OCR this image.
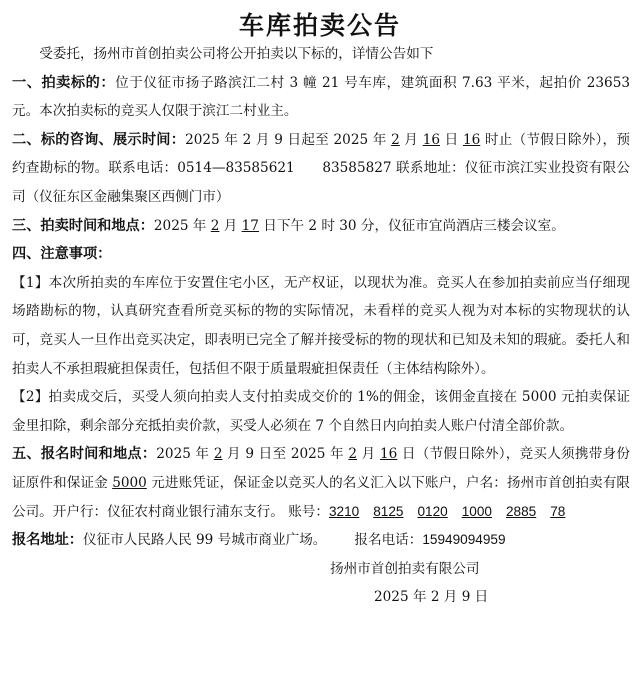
车库拍卖公告

受委托，扬州市首创拍卖公司将公开拍卖以下标的，详情公告如下

一、拍卖标的：位于仪征市扬子路滨江二村 3 幢 21 号车库，建筑面积 7.63 平米，起拍价 23653 元。本次拍卖标的竞买人仅限于滨江二村业主。

二、标的咨询、展示时间：2025 年 2 月 9 日起至 2025 年 2 月 16 日 16 时止（节假日除外），预约查勘标的物。联系电话：0514—83585621　　83585827 联系地址：仪征市滨江实业投资有限公司（仪征东区金融集聚区西侧门市）

三、拍卖时间和地点：2025 年 2 月 17 日下午 2 时 30 分，仪征市宜尚酒店三楼会议室。

四、注意事项：

【1】本次所拍卖的车库位于安置住宅小区，无产权证，以现状为准。竞买人在参加拍卖前应当仔细现场踏勘标的物，认真研究查看所竞买标的物的实际情况，未看样的竞买人视为对本标的实物现状的认可，竞买人一旦作出竞买决定，即表明已完全了解并接受标的物的现状和已知及未知的瑕疵。委托人和拍卖人不承担瑕疵担保责任，包括但不限于质量瑕疵担保责任（主体结构除外）。

【2】拍卖成交后，买受人须向拍卖人支付拍卖成交价的 1%的佣金，该佣金直接在 5000 元拍卖保证金里扣除，剩余部分充抵拍卖价款，买受人必须在 7 个自然日内向拍卖人账户付清全部价款。

五、报名时间和地点：2025 年 2 月 9 日至 2025 年 2 月 16 日（节假日除外），竞买人须携带身份证原件和保证金 5000 元进账凭证，保证金以竞买人的名义汇入以下账户，户名：扬州市首创拍卖有限公司。开户行：仪征农村商业银行浦东支行。 账号：3210 8125 0120 1000 2885 78

报名地址：仪征市人民路人民 99 号城市商业广场。 报名电话：15949094959

扬州市首创拍卖有限公司

2025 年 2 月 9 日
